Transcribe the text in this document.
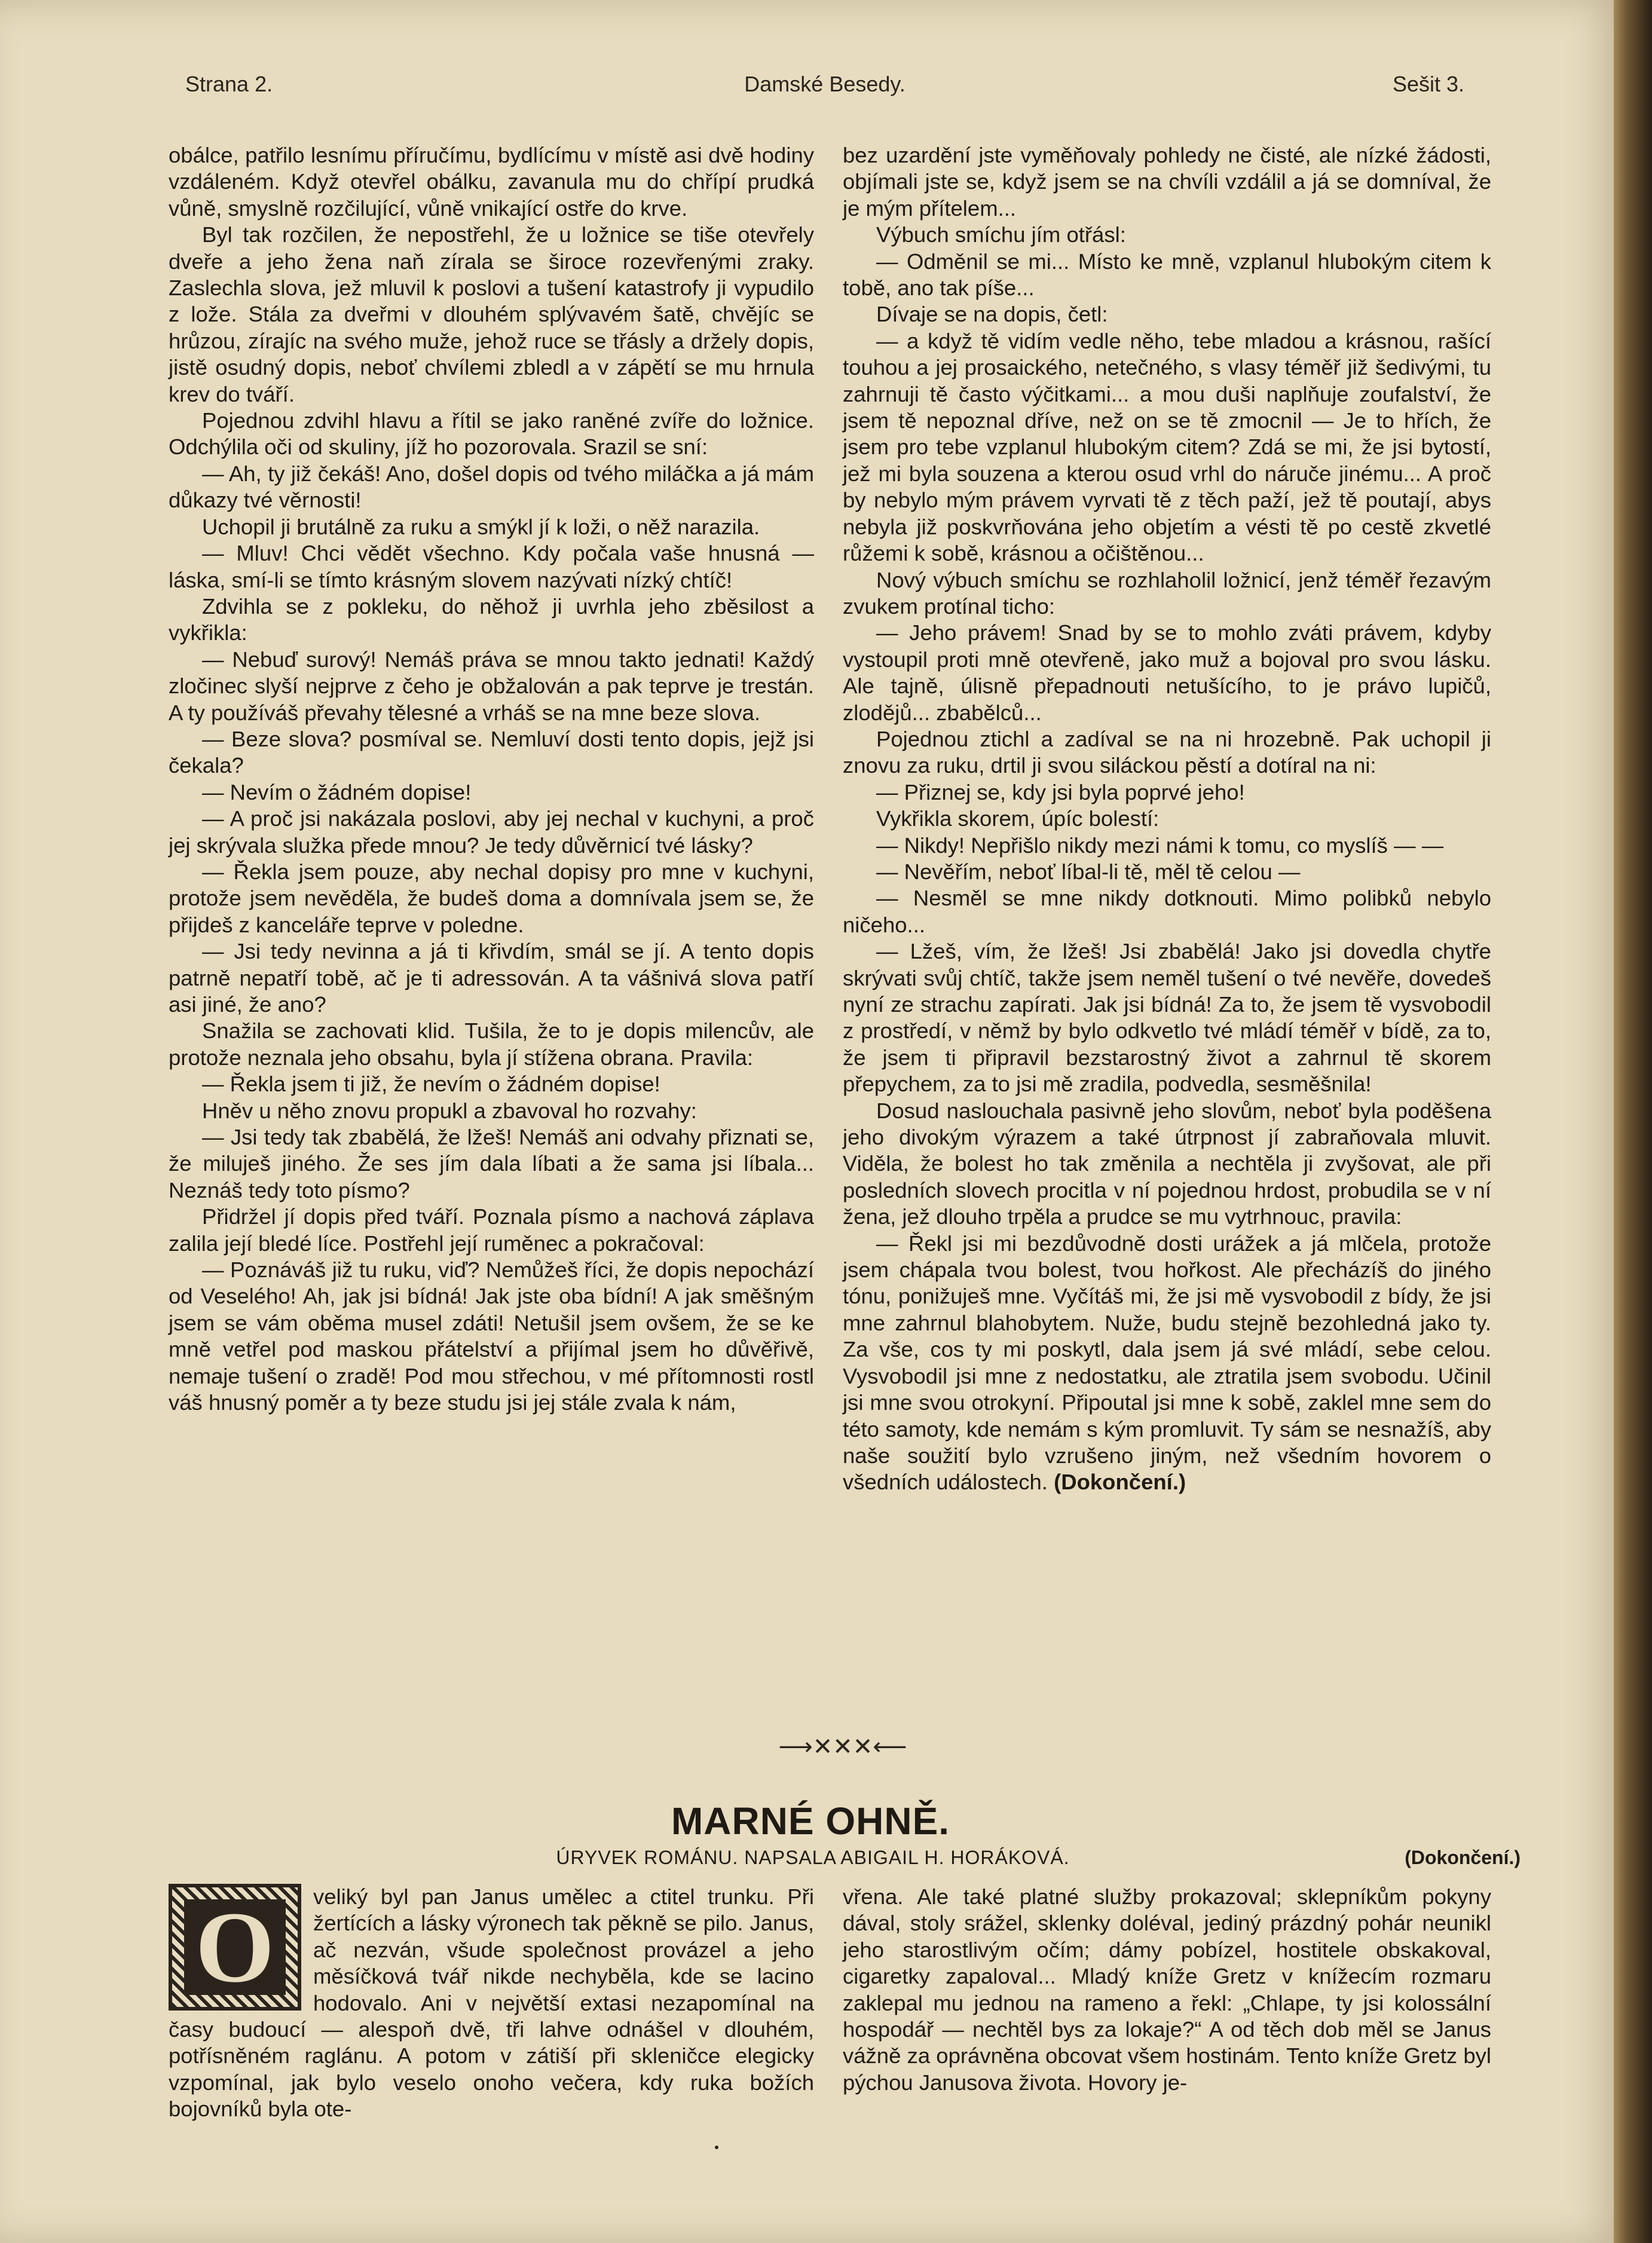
Damské Besedy.
Strana 2.	Sešit 3.

obálce, patřilo lesnímu příručímu, bydlícímu v místě asi dvě hodiny vzdáleném. Když otevřel obálku, zavanula mu do chřípí prudká vůně, smyslně rozčilující, vůně vnikající ostře do krve.

Byl tak rozčilen, že nepostřehl, že u ložnice se tiše otevřely dveře a jeho žena naň zírala se široce rozevřenými zraky. Zaslechla slova, jež mluvil k poslovi a tušení katastrofy ji vypudilo z lože. Stála za dveřmi v dlouhém splývavém šatě, chvějíc se hrůzou, zírajíc na svého muže, jehož ruce se třásly a držely dopis, jistě osudný dopis, neboť chvílemi zbledl a v zápětí se mu hrnula krev do tváří.

Pojednou zdvihl hlavu a řítil se jako raněné zvíře do ložnice. Odchýlila oči od skuliny, jíž ho pozorovala. Srazil se sní:

— Ah, ty již čekáš! Ano, došel dopis od tvého miláčka a já mám důkazy tvé věrnosti!

Uchopil ji brutálně za ruku a smýkl jí k loži, o něž narazila.

— Mluv! Chci vědět všechno. Kdy počala vaše hnusná — láska, smí-li se tímto krásným slovem nazývati nízký chtíč!

Zdvihla se z pokleku, do něhož ji uvrhla jeho zběsilost a vykřikla:

— Nebuď surový! Nemáš práva se mnou takto jednati! Každý zločinec slyší nejprve z čeho je obžalován a pak teprve je trestán. A ty používáš převahy tělesné a vrháš se na mne beze slova.

— Beze slova? posmíval se. Nemluví dosti tento dopis, jejž jsi čekala?

— Nevím o žádném dopise!

— A proč jsi nakázala poslovi, aby jej nechal v kuchyni, a proč jej skrývala služka přede mnou? Je tedy důvěrnicí tvé lásky?

— Řekla jsem pouze, aby nechal dopisy pro mne v kuchyni, protože jsem nevěděla, že budeš doma a domnívala jsem se, že přijdeš z kanceláře teprve v poledne.

— Jsi tedy nevinna a já ti křivdím, smál se jí. A tento dopis patrně nepatří tobě, ač je ti adressován. A ta vášnivá slova patří asi jiné, že ano?

Snažila se zachovati klid. Tušila, že to je dopis milencův, ale protože neznala jeho obsahu, byla jí stížena obrana. Pravila:

— Řekla jsem ti již, že nevím o žádném dopise!

Hněv u něho znovu propukl a zbavoval ho rozvahy:

— Jsi tedy tak zbabělá, že lžeš! Nemáš ani odvahy přiznati se, že miluješ jiného. Že ses jím dala líbati a že sama jsi líbala... Neznáš tedy toto písmo?

Přidržel jí dopis před tváří. Poznala písmo a nachová záplava zalila její bledé líce. Postřehl její ruměnec a pokračoval:

— Poznáváš již tu ruku, viď? Nemůžeš říci, že dopis nepochází od Veselého! Ah, jak jsi bídná! Jak jste oba bídní! A jak směšným jsem se vám oběma musel zdáti! Netušil jsem ovšem, že se ke mně vetřel pod maskou přátelství a přijímal jsem ho důvěřivě, nemaje tušení o zradě! Pod mou střechou, v mé přítomnosti rostl váš hnusný poměr a ty beze studu jsi jej stále zvala k nám,

bez uzardění jste vyměňovaly pohledy ne čisté, ale nízké žádosti, objímali jste se, když jsem se na chvíli vzdálil a já se domníval, že je mým přítelem...

Výbuch smíchu jím otřásl:

— Odměnil se mi... Místo ke mně, vzplanul hlubokým citem k tobě, ano tak píše...

Dívaje se na dopis, četl:

— a když tě vidím vedle něho, tebe mladou a krásnou, rašící touhou a jej prosaického, netečného, s vlasy téměř již šedivými, tu zahrnuji tě často výčitkami... a mou duši naplňuje zoufalství, že jsem tě nepoznal dříve, než on se tě zmocnil — Je to hřích, že jsem pro tebe vzplanul hlubokým citem? Zdá se mi, že jsi bytostí, jež mi byla souzena a kterou osud vrhl do náruče jinému... A proč by nebylo mým právem vyrvati tě z těch paží, jež tě poutají, abys nebyla již poskvrňována jeho objetím a vésti tě po cestě zkvetlé růžemi k sobě, krásnou a očištěnou...

Nový výbuch smíchu se rozhlaholil ložnicí, jenž téměř řezavým zvukem protínal ticho:

— Jeho právem! Snad by se to mohlo zváti právem, kdyby vystoupil proti mně otevřeně, jako muž a bojoval pro svou lásku. Ale tajně, úlisně přepadnouti netušícího, to je právo lupičů, zlodějů... zbabělců...

Pojednou ztichl a zadíval se na ni hrozebně. Pak uchopil ji znovu za ruku, drtil ji svou siláckou pěstí a dotíral na ni:

— Přiznej se, kdy jsi byla poprvé jeho!

Vykřikla skorem, úpíc bolestí:

— Nikdy! Nepřišlo nikdy mezi námi k tomu, co myslíš — —

— Nevěřím, neboť líbal-li tě, měl tě celou —

— Nesměl se mne nikdy dotknouti. Mimo polibků nebylo ničeho...

— Lžeš, vím, že lžeš! Jsi zbabělá! Jako jsi dovedla chytře skrývati svůj chtíč, takže jsem neměl tušení o tvé nevěře, dovedeš nyní ze strachu zapírati. Jak jsi bídná! Za to, že jsem tě vysvobodil z prostředí, v němž by bylo odkvetlo tvé mládí téměř v bídě, za to, že jsem ti připravil bezstarostný život a zahrnul tě skorem přepychem, za to jsi mě zradila, podvedla, sesměšnila!

Dosud naslouchala pasivně jeho slovům, neboť byla poděšena jeho divokým výrazem a také útrpnost jí zabraňovala mluvit. Viděla, že bolest ho tak změnila a nechtěla ji zvyšovat, ale při posledních slovech procitla v ní pojednou hrdost, probudila se v ní žena, jež dlouho trpěla a prudce se mu vytrhnouc, pravila:

— Řekl jsi mi bezdůvodně dosti urážek a já mlčela, protože jsem chápala tvou bolest, tvou hořkost. Ale přecházíš do jiného tónu, ponižuješ mne. Vyčítáš mi, že jsi mě vysvobodil z bídy, že jsi mne zahrnul blahobytem. Nuže, budu stejně bezohledná jako ty. Za vše, cos ty mi poskytl, dala jsem já své mládí, sebe celou. Vysvobodil jsi mne z nedostatku, ale ztratila jsem svobodu. Učinil jsi mne svou otrokyní. Připoutal jsi mne k sobě, zaklel mne sem do této samoty, kde nemám s kým promluvit. Ty sám se nesnažíš, aby naše soužití bylo vzrušeno jiným, než všedním hovorem o všedních událostech. (Dokončení.)

⟶✕✕✕⟵
MARNÉ OHNĚ.
ÚRYVEK ROMÁNU. NAPSALA ABIGAIL H. HORÁKOVÁ.	(Dokončení.)

veliký byl pan Janus umělec a ctitel trunku. Při žertících a lásky výronech tak pěkně se pilo. Janus, ač nezván, všude společnost provázel a jeho měsíčková tvář nikde nechyběla, kde se lacino hodovalo. Ani v největší extasi nezapomínal na časy budoucí — alespoň dvě, tři lahve odnášel v dlouhém, potřísněném raglánu. A potom v zátiší při skleničce elegicky vzpomínal, jak bylo veselo onoho večera, kdy ruka božích bojovníků byla ote-

O	vřena. Ale také platné služby prokazoval; sklepníkům pokyny dával, stoly srážel, sklenky doléval, jediný prázdný pohár neunikl jeho starostlivým očím; dámy pobízel, hostitele obskakoval, cigaretky zapaloval... Mladý kníže Gretz v knížecím rozmaru zaklepal mu jednou na rameno a řekl: „Chlape, ty jsi kolossální hospodář — nechtěl bys za lokaje?“ A od těch dob měl se Janus vážně za oprávněna obcovat všem hostinám. Tento kníže Gretz byl pýchou Janusova života. Hovory je-
